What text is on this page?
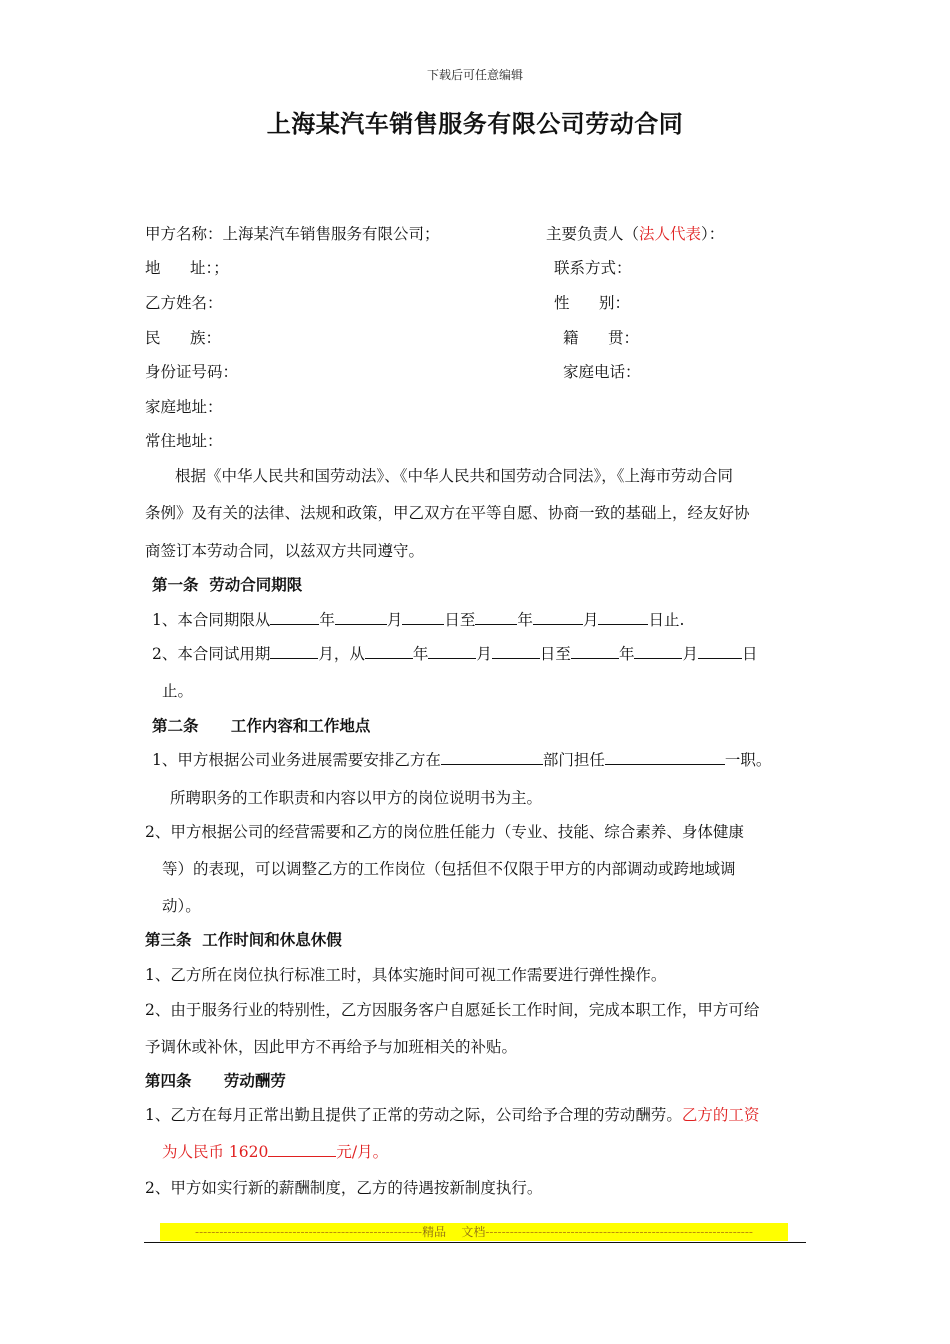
下载后可任意编辑
上海某汽车销售服务有限公司劳动合同
甲方名称：上海某汽车销售服务有限公司；	主要负责人（法人代表）：
地      址：；	联系方式：
乙方姓名：	性      别：
民      族：	籍      贯：
身份证号码：	家庭电话：
家庭地址：
常住地址：
根据《中华人民共和国劳动法》、《中华人民共和国劳动合同法》，《上海市劳动合同
条例》及有关的法律、法规和政策，甲乙双方在平等自愿、协商一致的基础上，经友好协
商签订本劳动合同，以兹双方共同遵守。
第一条  劳动合同期限
1、本合同期限从	年	月	日至	年	月	日止.
2、本合同试用期	月，从	年	月	日至	年	月	日
止。
第二条      工作内容和工作地点
1、甲方根据公司业务进展需要安排乙方在	部门担任	一职。
所聘职务的工作职责和内容以甲方的岗位说明书为主。
2、甲方根据公司的经营需要和乙方的岗位胜任能力（专业、技能、综合素养、身体健康
等）的表现，可以调整乙方的工作岗位（包括但不仅限于甲方的内部调动或跨地域调
动）。
第三条  工作时间和休息休假
1、乙方所在岗位执行标准工时，具体实施时间可视工作需要进行弹性操作。
2、由于服务行业的特别性，乙方因服务客户自愿延长工作时间，完成本职工作，甲方可给
予调休或补休，因此甲方不再给予与加班相关的补贴。
第四条      劳动酬劳
1、乙方在每月正常出勤且提供了正常的劳动之际，公司给予合理的劳动酬劳。乙方的工资
为人民币 1620	元/月。
2、甲方如实行新的薪酬制度，乙方的待遇按新制度执行。
--------------------------------------------------------精品    文档------------------------------------------------------------------
